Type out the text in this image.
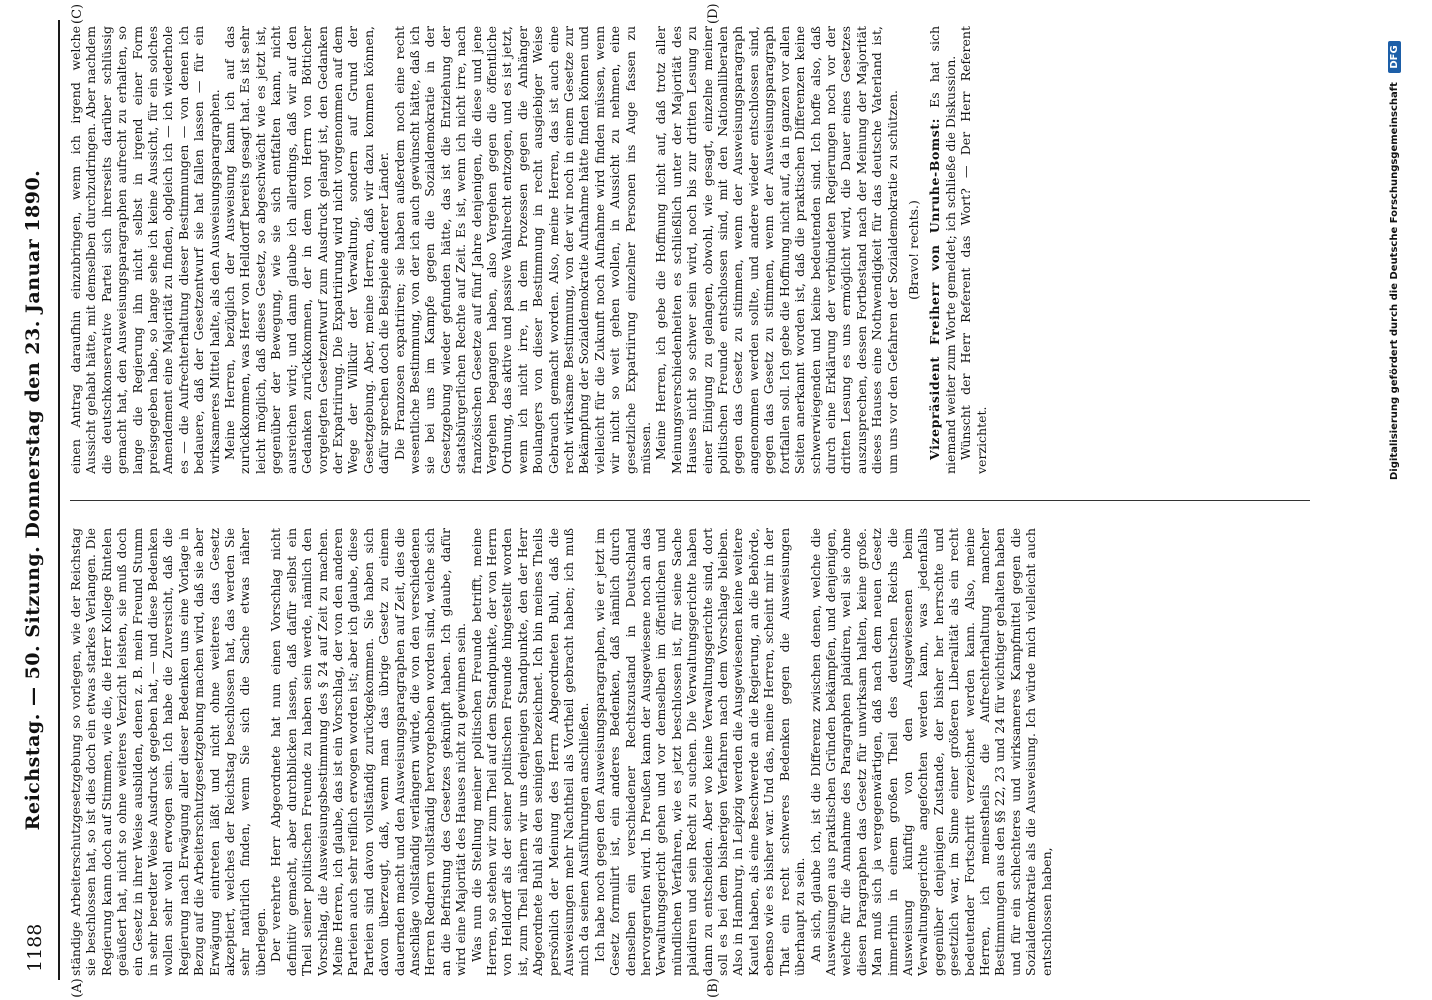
1188
Reichstag. — 50. Sitzung. Donnerstag den 23. Januar 1890.
(A)	(B)
(C)	(D)

ständige Arbeiterschutzgesetzgebung so vorlegen, wie der Reichstag sie beschlossen hat, so ist dies doch ein etwas starkes Verlangen. Die Regierung kann doch auf Stimmen, wie die, die Herr Kollege Rintelen geäußert hat, nicht so ohne weiteres Verzicht leisten, sie muß doch ein Gesetz in ihrer Weise ausbilden, denen z. B. mein Freund Stumm in sehr beredter Weise Ausdruck gegeben hat, — und diese Bedenken wollen sehr wohl erwogen sein. Ich habe die Zuversicht, daß die Regierung nach Erwägung aller dieser Bedenken uns eine Vorlage in Bezug auf die Arbeiterschutzgesetzgebung machen wird, daß sie aber Erwägung eintreten läßt und nicht ohne weiteres das Gesetz akzeptiert, welches der Reichstag beschlossen hat, das werden Sie sehr natürlich finden, wenn Sie sich die Sache etwas näher überlegen. Der verehrte Herr Abgeordnete hat nun einen Vorschlag nicht definitiv gemacht, aber durchblicken lassen, daß dafür selbst ein Theil seiner politischen Freunde zu haben sein werde, nämlich den Vorschlag, die Ausweisungsbestimmung des § 24 auf Zeit zu machen. Meine Herren, ich glaube, das ist ein Vorschlag, der von den anderen Parteien auch sehr reiflich erwogen worden ist; aber ich glaube, diese Parteien sind davon vollständig zurückgekommen. Sie haben sich davon überzeugt, daß, wenn man das übrige Gesetz zu einem dauernden macht und den Ausweisungsparagraphen auf Zeit, dies die Anschläge vollständig verlängern würde, die von den verschiedenen Herren Rednern vollständig hervorgehoben worden sind, welche sich an die Befristung des Gesetzes geknüpft haben. Ich glaube, dafür wird eine Majorität des Hauses nicht zu gewinnen sein. Was nun die Stellung meiner politischen Freunde betrifft, meine Herren, so stehen wir zum Theil auf dem Standpunkte, der von Herrn von Helldorff als der seiner politischen Freunde hingestellt worden ist, zum Theil nähern wir uns denjenigen Standpunkte, den der Herr Abgeordnete Buhl als den seinigen bezeichnet. Ich bin meines Theils persönlich der Meinung des Herrn Abgeordneten Buhl, daß die Ausweisungen mehr Nachtheil als Vortheil gebracht haben; ich muß mich da seinen Ausführungen anschließen. Ich habe noch gegen den Ausweisungsparagraphen, wie er jetzt im Gesetz formulirt ist, ein anderes Bedenken, daß nämlich durch denselben ein verschiedener Rechtszustand in Deutschland hervorgerufen wird. In Preußen kann der Ausgewiesene noch an das Verwaltungsgericht gehen und vor demselben im öffentlichen und mündlichen Verfahren, wie es jetzt beschlossen ist, für seine Sache plaidiren und sein Recht zu suchen. Die Verwaltungsgerichte haben dann zu entscheiden. Aber wo keine Verwaltungsgerichte sind, dort soll es bei dem bisherigen Verfahren nach dem Vorschlage bleiben. Also in Hamburg, in Leipzig werden die Ausgewiesenen keine weitere Kautel haben, als eine Beschwerde an die Regierung, an die Behörde, ebenso wie es bisher war. Und das, meine Herren, scheint mir in der That ein recht schweres Bedenken gegen die Ausweisungen überhaupt zu sein. An sich, glaube ich, ist die Differenz zwischen denen, welche die Ausweisungen aus praktischen Gründen bekämpfen, und denjenigen, welche für die Annahme des Paragraphen plaidiren, weil sie ohne diesen Paragraphen das Gesetz für unwirksam halten, keine große. Man muß sich ja vergegenwärtigen, daß nach dem neuen Gesetz immerhin in einem großen Theil des deutschen Reichs die Ausweisung künftig von den Ausgewiesenen beim Verwaltungsgerichte angefochten werden kann, was jedenfalls gegenüber denjenigen Zustande, der bisher her herrschte und gesetzlich war, im Sinne einer größeren Liberalität als ein recht bedeutender Fortschritt verzeichnet werden kann. Also, meine Herren, ich meinestheils die Aufrechterhaltung mancher Bestimmungen aus den §§ 22, 23 und 24 für wichtiger gehalten haben und für ein schlechteres und wirksameres Kampfmittel gegen die Sozialdemokratie als die Ausweisung. Ich würde mich vielleicht auch entschlossen haben,

einen Antrag daraufhin einzubringen, wenn ich irgend welche Aussicht gehabt hätte, mit demselben durchzudringen. Aber nachdem die deutschkonservative Partei sich ihrerseits darüber schlüssig gemacht hat, den Ausweisungsparagraphen aufrecht zu erhalten, so lange die Regierung ihn nicht selbst in irgend einer Form preisgegeben habe, so lange sehe ich keine Aussicht, für ein solches Amendement eine Majorität zu finden, obgleich ich — ich wiederhole es — die Aufrechterhaltung dieser Bestimmungen — von denen ich bedauere, daß der Gesetzentwurf sie hat fallen lassen — für ein wirksameres Mittel halte, als den Ausweisungsparagraphen. Meine Herren, bezüglich der Ausweisung kann ich auf das zurückkommen, was Herr von Helldorff bereits gesagt hat. Es ist sehr leicht möglich, daß dieses Gesetz, so abgeschwächt wie es jetzt ist, gegenüber der Bewegung, wie sie sich entfalten kann, nicht ausreichen wird; und dann glaube ich allerdings, daß wir auf den Gedanken zurückkommen, der in dem von Herrn von Bötticher vorgelegten Gesetzentwurf zum Ausdruck gelangt ist, den Gedanken der Expatriirung. Die Expatriirung wird nicht vorgenommen auf dem Wege der Willkür der Verwaltung, sondern auf Grund der Gesetzgebung. Aber, meine Herren, daß wir dazu kommen können, dafür sprechen doch die Beispiele anderer Länder. Die Franzosen expatriiren; sie haben außerdem noch eine recht wesentliche Bestimmung, von der ich auch gewünscht hätte, daß ich sie bei uns im Kampfe gegen die Sozialdemokratie in der Gesetzgebung wieder gefunden hätte, das ist die Entziehung der staatsbürgerlichen Rechte auf Zeit. Es ist, wenn ich nicht irre, nach französischen Gesetze auf fünf Jahre denjenigen, die diese und jene Vergehen begangen haben, also Vergehen gegen die öffentliche Ordnung, das aktive und passive Wahlrecht entzogen, und es ist jetzt, wenn ich nicht irre, in dem Prozessen gegen die Anhänger Boulangers von dieser Bestimmung in recht ausgiebiger Weise Gebrauch gemacht worden. Also, meine Herren, das ist auch eine recht wirksame Bestimmung, von der wir noch in einem Gesetze zur Bekämpfung der Sozialdemokratie Aufnahme hätte finden können und vielleicht für die Zukunft noch Aufnahme wird finden müssen, wenn wir nicht so weit gehen wollen, in Aussicht zu nehmen, eine gesetzliche Expatriirung einzelner Personen ins Auge fassen zu müssen. Meine Herren, ich gebe die Hoffnung nicht auf, daß trotz aller Meinungsverschiedenheiten es schließlich unter der Majorität des Hauses nicht so schwer sein wird, noch bis zur dritten Lesung zu einer Einigung zu gelangen, obwohl, wie gesagt, einzelne meiner politischen Freunde entschlossen sind, mit den Nationalliberalen gegen das Gesetz zu stimmen, wenn der Ausweisungsparagraph angenommen werden sollte, und andere wieder entschlossen sind, gegen das Gesetz zu stimmen, wenn der Ausweisungsparagraph fortfallen soll. Ich gebe die Hoffnung nicht auf, da in ganzen vor allen Seiten anerkannt worden ist, daß die praktischen Differenzen keine schwerwiegenden und keine bedeutenden sind. Ich hoffe also, daß durch eine Erklärung der verbündeten Regierungen noch vor der dritten Lesung es uns ermöglicht wird, die Dauer eines Gesetzes auszusprechen, dessen Fortbestand nach der Meinung der Majorität dieses Hauses eine Nothwendigkeit für das deutsche Vaterland ist, um uns vor den Gefahren der Sozialdemokratie zu schützen. (Bravo! rechts.) Vizepräsident Freiherr von Unruhe-Bomst: Es hat sich niemand weiter zum Worte gemeldet; ich schließe die Diskussion. Wünscht der Herr Referent das Wort? — Der Herr Referent verzichtet.	Digitalisierung gefördert durch die Deutsche Forschungsgemeinschaft DFG
